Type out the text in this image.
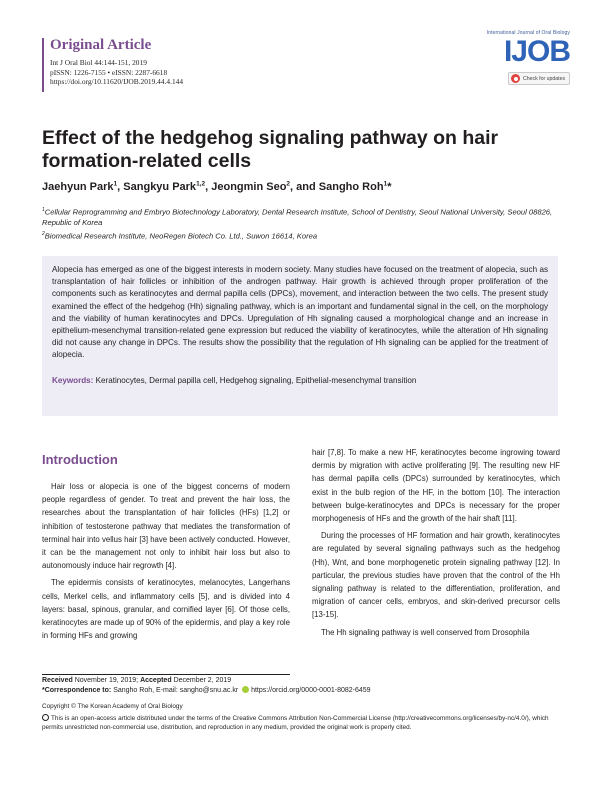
Original Article
Int J Oral Biol 44:144-151, 2019
pISSN: 1226-7155 • eISSN: 2287-6618
https://doi.org/10.11620/IJOB.2019.44.4.144
International Journal of Oral Biology
IJOB
Check for updates
Effect of the hedgehog signaling pathway on hair formation-related cells
Jaehyun Park$^1$, Sangkyu Park$^{1,2}$, Jeongmin Seo$^2$, and Sangho Roh$^1$*
$^1$Cellular Reprogramming and Embryo Biotechnology Laboratory, Dental Research Institute, School of Dentistry, Seoul National University, Seoul 08826, Republic of Korea
$^2$Biomedical Research Institute, NeoRegen Biotech Co. Ltd., Suwon 16614, Korea

Alopecia has emerged as one of the biggest interests in modern society. Many studies have focused on the treatment of alopecia, such as transplantation of hair follicles or inhibition of the androgen pathway. Hair growth is achieved through proper proliferation of the components such as keratinocytes and dermal papilla cells (DPCs), movement, and interaction between the two cells. The present study examined the effect of the hedgehog (Hh) signaling pathway, which is an important and fundamental signal in the cell, on the morphology and the viability of human keratinocytes and DPCs. Upregulation of Hh signaling caused a morphological change and an increase in epithelium-mesenchymal transition-related gene expression but reduced the viability of keratinocytes, while the alteration of Hh signaling did not cause any change in DPCs. The results show the possibility that the regulation of Hh signaling can be applied for the treatment of alopecia.

Keywords: Keratinocytes, Dermal papilla cell, Hedgehog signaling, Epithelial-mesenchymal transition

Introduction

Hair loss or alopecia is one of the biggest concerns of modern people regardless of gender. To treat and prevent the hair loss, the researches about the transplantation of hair follicles (HFs) [1,2] or inhibition of testosterone pathway that mediates the transformation of terminal hair into vellus hair [3] have been actively conducted. However, it can be the management not only to inhibit hair loss but also to autonomously induce hair regrowth [4].

The epidermis consists of keratinocytes, melanocytes, Langerhans cells, Merkel cells, and inflammatory cells [5], and is divided into 4 layers: basal, spinous, granular, and cornified layer [6]. Of those cells, keratinocytes are made up of 90% of the epidermis, and play a key role in forming HFs and growing

hair [7,8]. To make a new HF, keratinocytes become ingrowing toward dermis by migration with active proliferating [9]. The resulting new HF has dermal papilla cells (DPCs) surrounded by keratinocytes, which exist in the bulb region of the HF, in the bottom [10]. The interaction between bulge-keratinocytes and DPCs is necessary for the proper morphogenesis of HFs and the growth of the hair shaft [11].

During the processes of HF formation and hair growth, keratinocytes are regulated by several signaling pathways such as the hedgehog (Hh), Wnt, and bone morphogenetic protein signaling pathway [12]. In particular, the previous studies have proven that the control of the Hh signaling pathway is related to the differentiation, proliferation, and migration of cancer cells, embryos, and skin-derived precursor cells [13-15].

The Hh signaling pathway is well conserved from Drosophila

Received November 19, 2019; Accepted December 2, 2019
*Correspondence to: Sangho Roh, E-mail: sangho@snu.ac.kr https://orcid.org/0000-0001-8082-6459
Copyright © The Korean Academy of Oral Biology
This is an open-access article distributed under the terms of the Creative Commons Attribution Non-Commercial License (http://creativecommons.org/licenses/by-nc/4.0/), which permits unrestricted non-commercial use, distribution, and reproduction in any medium, provided the original work is properly cited.
